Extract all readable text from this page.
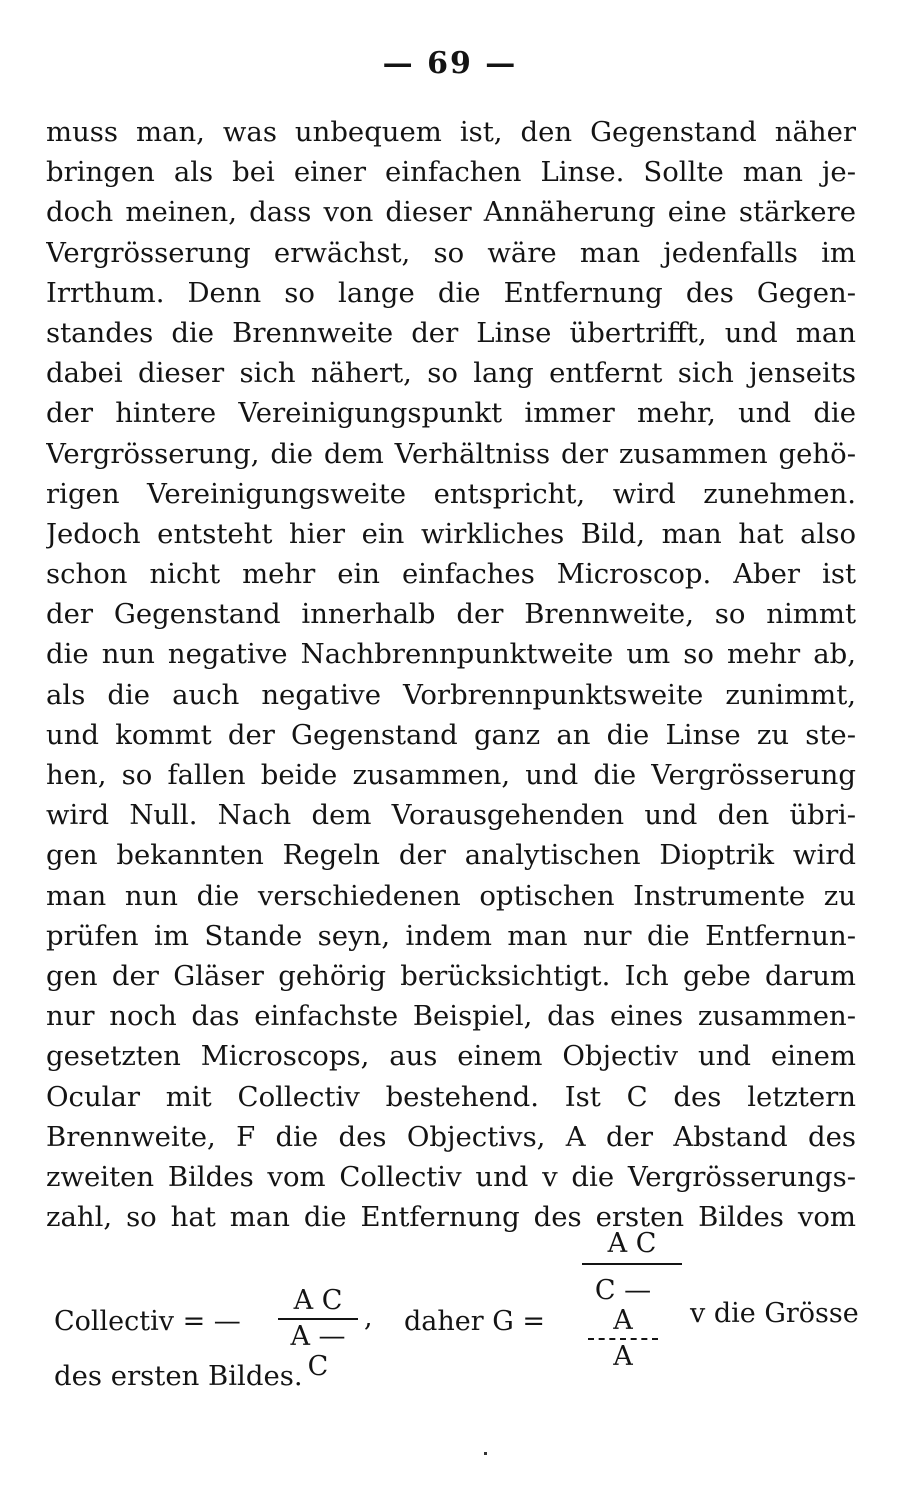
— 69 —
muss man, was unbequem ist, den Gegenstand näher
bringen als bei einer einfachen Linse. Sollte man je-
doch meinen, dass von dieser Annäherung eine stärkere
Vergrösserung erwächst, so wäre man jedenfalls im
Irrthum. Denn so lange die Entfernung des Gegen-
standes die Brennweite der Linse übertrifft, und man
dabei dieser sich nähert, so lang entfernt sich jenseits
der hintere Vereinigungspunkt immer mehr, und die
Vergrösserung, die dem Verhältniss der zusammen gehö-
rigen Vereinigungsweite entspricht, wird zunehmen.
Jedoch entsteht hier ein wirkliches Bild, man hat also
schon nicht mehr ein einfaches Microscop. Aber ist
der Gegenstand innerhalb der Brennweite, so nimmt
die nun negative Nachbrennpunktweite um so mehr ab,
als die auch negative Vorbrennpunktsweite zunimmt,
und kommt der Gegenstand ganz an die Linse zu ste-
hen, so fallen beide zusammen, und die Vergrösserung
wird Null. Nach dem Vorausgehenden und den übri-
gen bekannten Regeln der analytischen Dioptrik wird
man nun die verschiedenen optischen Instrumente zu
prüfen im Stande seyn, indem man nur die Entfernun-
gen der Gläser gehörig berücksichtigt. Ich gebe darum
nur noch das einfachste Beispiel, das eines zusammen-
gesetzten Microscops, aus einem Objectiv und einem
Ocular mit Collectiv bestehend. Ist C des letztern
Brennweite, F die des Objectivs, A der Abstand des
zweiten Bildes vom Collectiv und v die Vergrösserungs-
zahl, so hat man die Entfernung des ersten Bildes vom
A C
Collectiv = —
A C
A — C
, daher G =
C — A
A
v die Grösse
des ersten Bildes.
